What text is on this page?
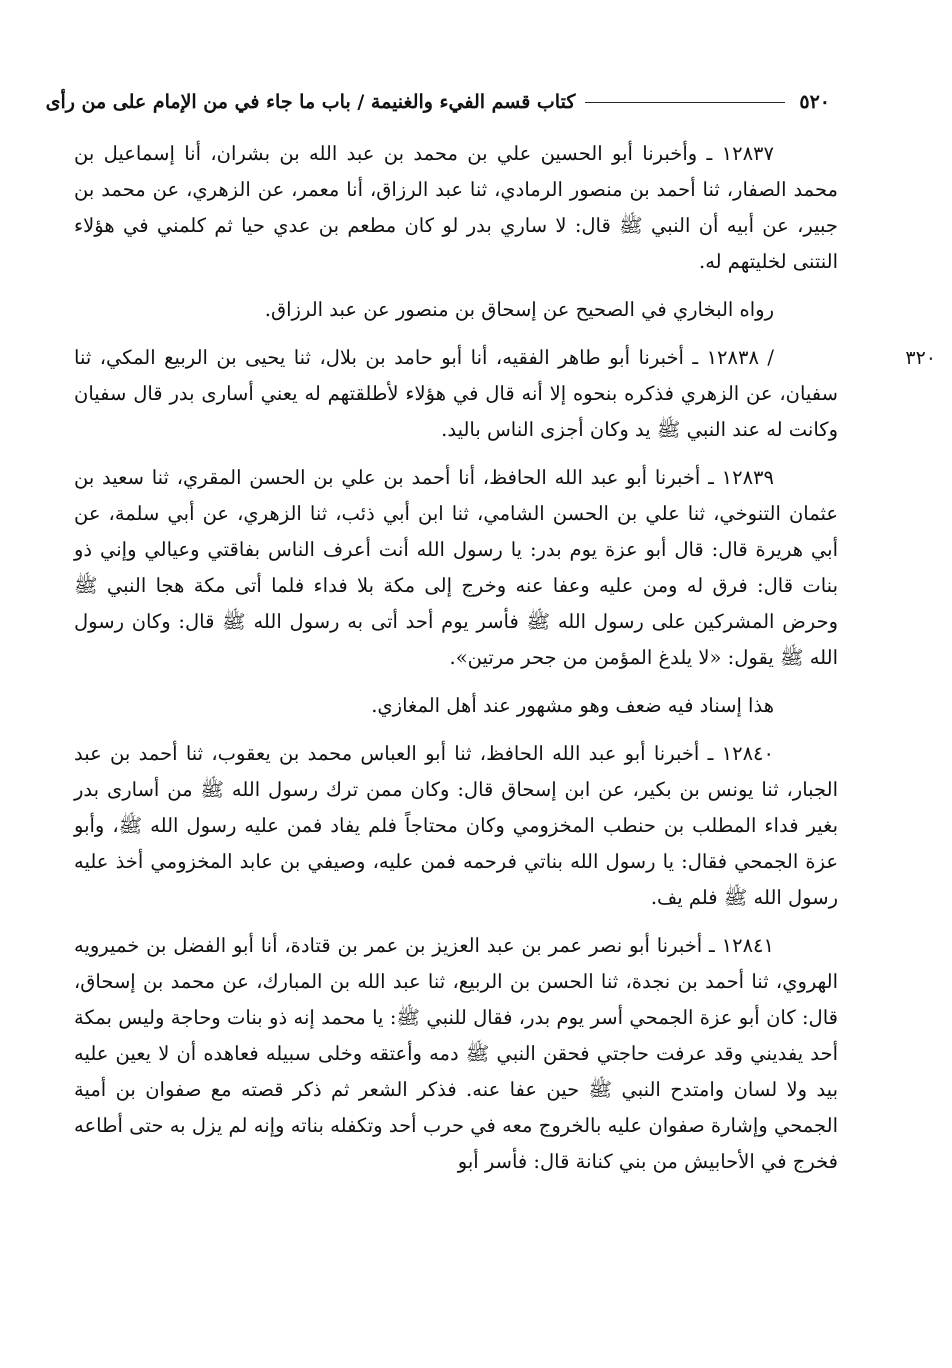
٥٢٠
كتاب قسم الفيء والغنيمة / باب ما جاء في من الإمام على من رأى

١٢٨٣٧ ـ وأخبرنا أبو الحسين علي بن محمد بن عبد الله بن بشران، أنا إسماعيل بن محمد الصفار، ثنا أحمد بن منصور الرمادي، ثنا عبد الرزاق، أنا معمر، عن الزهري، عن محمد بن جبير، عن أبيه أن النبي ﷺ قال: لا ساري بدر لو كان مطعم بن عدي حيا ثم كلمني في هؤلاء النتنى لخليتهم له.

رواه البخاري في الصحيح عن إسحاق بن منصور عن عبد الرزاق.
٣٢٠

/ ١٢٨٣٨ ـ أخبرنا أبو طاهر الفقيه، أنا أبو حامد بن بلال، ثنا يحيى بن الربيع المكي، ثنا سفيان، عن الزهري فذكره بنحوه إلا أنه قال في هؤلاء لأطلقتهم له يعني أسارى بدر قال سفيان وكانت له عند النبي ﷺ يد وكان أجزى الناس باليد.

١٢٨٣٩ ـ أخبرنا أبو عبد الله الحافظ، أنا أحمد بن علي بن الحسن المقري، ثنا سعيد بن عثمان التنوخي، ثنا علي بن الحسن الشامي، ثنا ابن أبي ذئب، ثنا الزهري، عن أبي سلمة، عن أبي هريرة قال: قال أبو عزة يوم بدر: يا رسول الله أنت أعرف الناس بفاقتي وعيالي وإني ذو بنات قال: فرق له ومن عليه وعفا عنه وخرج إلى مكة بلا فداء فلما أتى مكة هجا النبي ﷺ وحرض المشركين على رسول الله ﷺ فأسر يوم أحد أتى به رسول الله ﷺ قال: وكان رسول الله ﷺ يقول: «لا يلدغ المؤمن من جحر مرتين».

هذا إسناد فيه ضعف وهو مشهور عند أهل المغازي.

١٢٨٤٠ ـ أخبرنا أبو عبد الله الحافظ، ثنا أبو العباس محمد بن يعقوب، ثنا أحمد بن عبد الجبار، ثنا يونس بن بكير، عن ابن إسحاق قال: وكان ممن ترك رسول الله ﷺ من أسارى بدر بغير فداء المطلب بن حنطب المخزومي وكان محتاجاً فلم يفاد فمن عليه رسول الله ﷺ، وأبو عزة الجمحي فقال: يا رسول الله بناتي فرحمه فمن عليه، وصيفي بن عابد المخزومي أخذ عليه رسول الله ﷺ فلم يف.

١٢٨٤١ ـ أخبرنا أبو نصر عمر بن عبد العزيز بن عمر بن قتادة، أنا أبو الفضل بن خميرويه الهروي، ثنا أحمد بن نجدة، ثنا الحسن بن الربيع، ثنا عبد الله بن المبارك، عن محمد بن إسحاق، قال: كان أبو عزة الجمحي أسر يوم بدر، فقال للنبي ﷺ: يا محمد إنه ذو بنات وحاجة وليس بمكة أحد يفديني وقد عرفت حاجتي فحقن النبي ﷺ دمه وأعتقه وخلى سبيله فعاهده أن لا يعين عليه بيد ولا لسان وامتدح النبي ﷺ حين عفا عنه. فذكر الشعر ثم ذكر قصته مع صفوان بن أمية الجمحي وإشارة صفوان عليه بالخروج معه في حرب أحد وتكفله بناته وإنه لم يزل به حتى أطاعه فخرج في الأحابيش من بني كنانة قال: فأسر أبو
